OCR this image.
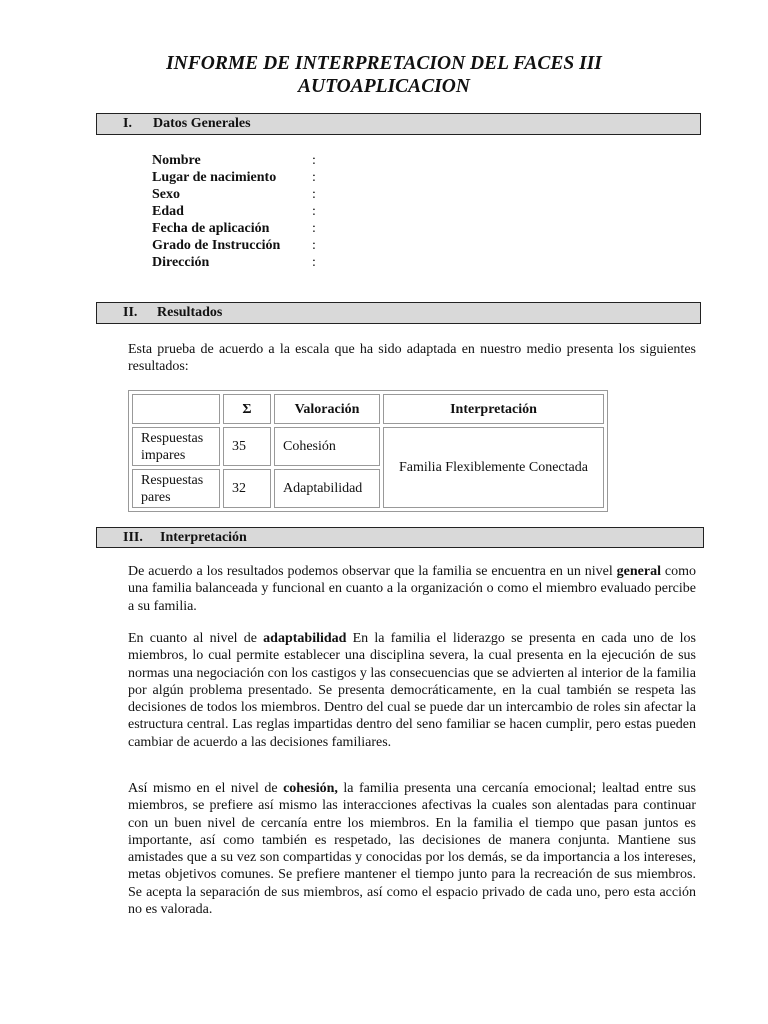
INFORME DE INTERPRETACION DEL FACES III
AUTOAPLICACION
I. Datos Generales
Nombre	:
Lugar de nacimiento	:
Sexo	:
Edad	:
Fecha de aplicación	:
Grado de Instrucción	:
Dirección	:
II. Resultados
Esta prueba de acuerdo a la escala que ha sido adaptada en nuestro medio presenta los siguientes resultados:
	Σ	Valoración	Interpretación
Respuestas impares	35	Cohesión	Familia Flexiblemente Conectada
Respuestas pares	32	Adaptabilidad	
III. Interpretación
De acuerdo a los resultados podemos observar que la familia se encuentra en un nivel general como una familia balanceada y funcional en cuanto a la organización o como el miembro evaluado percibe a su familia.
En cuanto al nivel de adaptabilidad En la familia el liderazgo se presenta en cada uno de los miembros, lo cual permite establecer una disciplina severa, la cual presenta en la ejecución de sus normas una negociación con los castigos y las consecuencias que se advierten al interior de la familia por algún problema presentado. Se presenta democráticamente, en la cual también se respeta las decisiones de todos los miembros. Dentro del cual se puede dar un intercambio de roles sin afectar la estructura central. Las reglas impartidas dentro del seno familiar se hacen cumplir, pero estas pueden cambiar de acuerdo a las decisiones familiares.
Así mismo en el nivel de cohesión, la familia presenta una cercanía emocional; lealtad entre sus miembros, se prefiere así mismo las interacciones afectivas la cuales son alentadas para continuar con un buen nivel de cercanía entre los miembros. En la familia el tiempo que pasan juntos es importante, así como también es respetado, las decisiones de manera conjunta. Mantiene sus amistades que a su vez son compartidas y conocidas por los demás, se da importancia a los intereses, metas objetivos comunes. Se prefiere mantener el tiempo junto para la recreación de sus miembros. Se acepta la separación de sus miembros, así como el espacio privado de cada uno, pero esta acción no es valorada.
